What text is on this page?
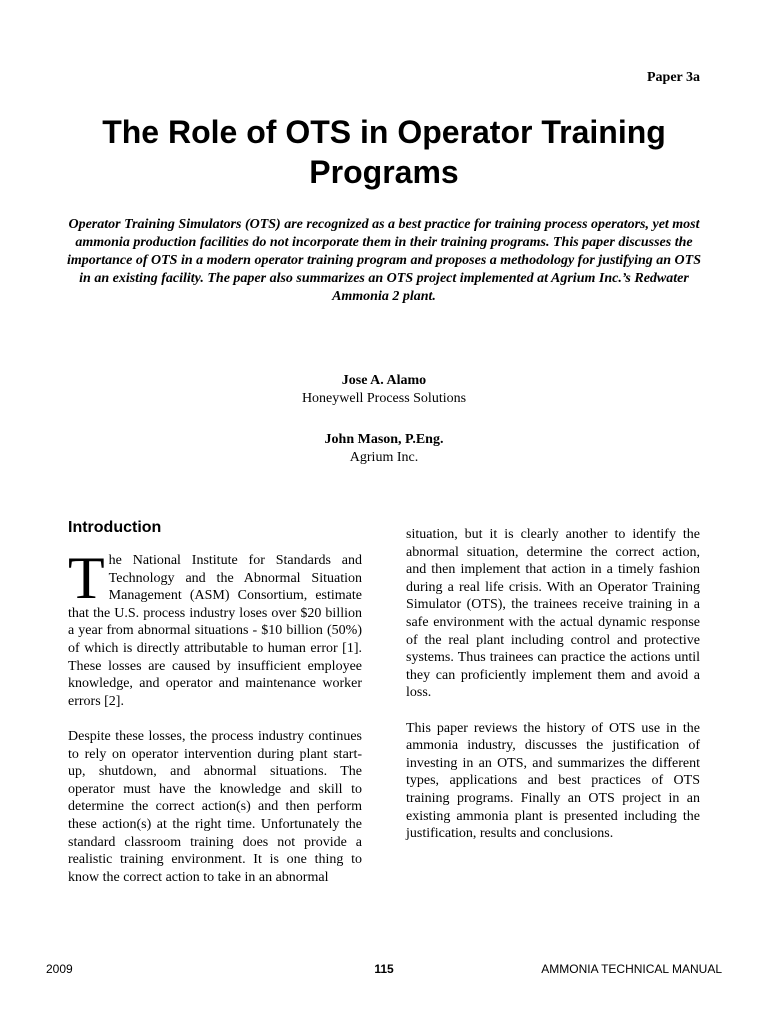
Paper 3a
The Role of OTS in Operator Training Programs

Operator Training Simulators (OTS) are recognized as a best practice for training process operators, yet most ammonia production facilities do not incorporate them in their training programs. This paper discusses the importance of OTS in a modern operator training program and proposes a methodology for justifying an OTS in an existing facility. The paper also summarizes an OTS project implemented at Agrium Inc.’s Redwater Ammonia 2 plant.

Jose A. Alamo
Honeywell Process Solutions
John Mason, P.Eng.
Agrium Inc.
Introduction

The National Institute for Standards and Technology and the Abnormal Situation Management (ASM) Consortium, estimate that the U.S. process industry loses over $20 billion a year from abnormal situations - $10 billion (50%) of which is directly attributable to human error [1]. These losses are caused by insufficient employee knowledge, and operator and maintenance worker errors [2].

Despite these losses, the process industry continues to rely on operator intervention during plant start-up, shutdown, and abnormal situations. The operator must have the knowledge and skill to determine the correct action(s) and then perform these action(s) at the right time. Unfortunately the standard classroom training does not provide a realistic training environment. It is one thing to know the correct action to take in an abnormal

situation, but it is clearly another to identify the abnormal situation, determine the correct action, and then implement that action in a timely fashion during a real life crisis. With an Operator Training Simulator (OTS), the trainees receive training in a safe environment with the actual dynamic response of the real plant including control and protective systems. Thus trainees can practice the actions until they can proficiently implement them and avoid a loss.

This paper reviews the history of OTS use in the ammonia industry, discusses the justification of investing in an OTS, and summarizes the different types, applications and best practices of OTS training programs. Finally an OTS project in an existing ammonia plant is presented including the justification, results and conclusions.

2009	115	AMMONIA TECHNICAL MANUAL
